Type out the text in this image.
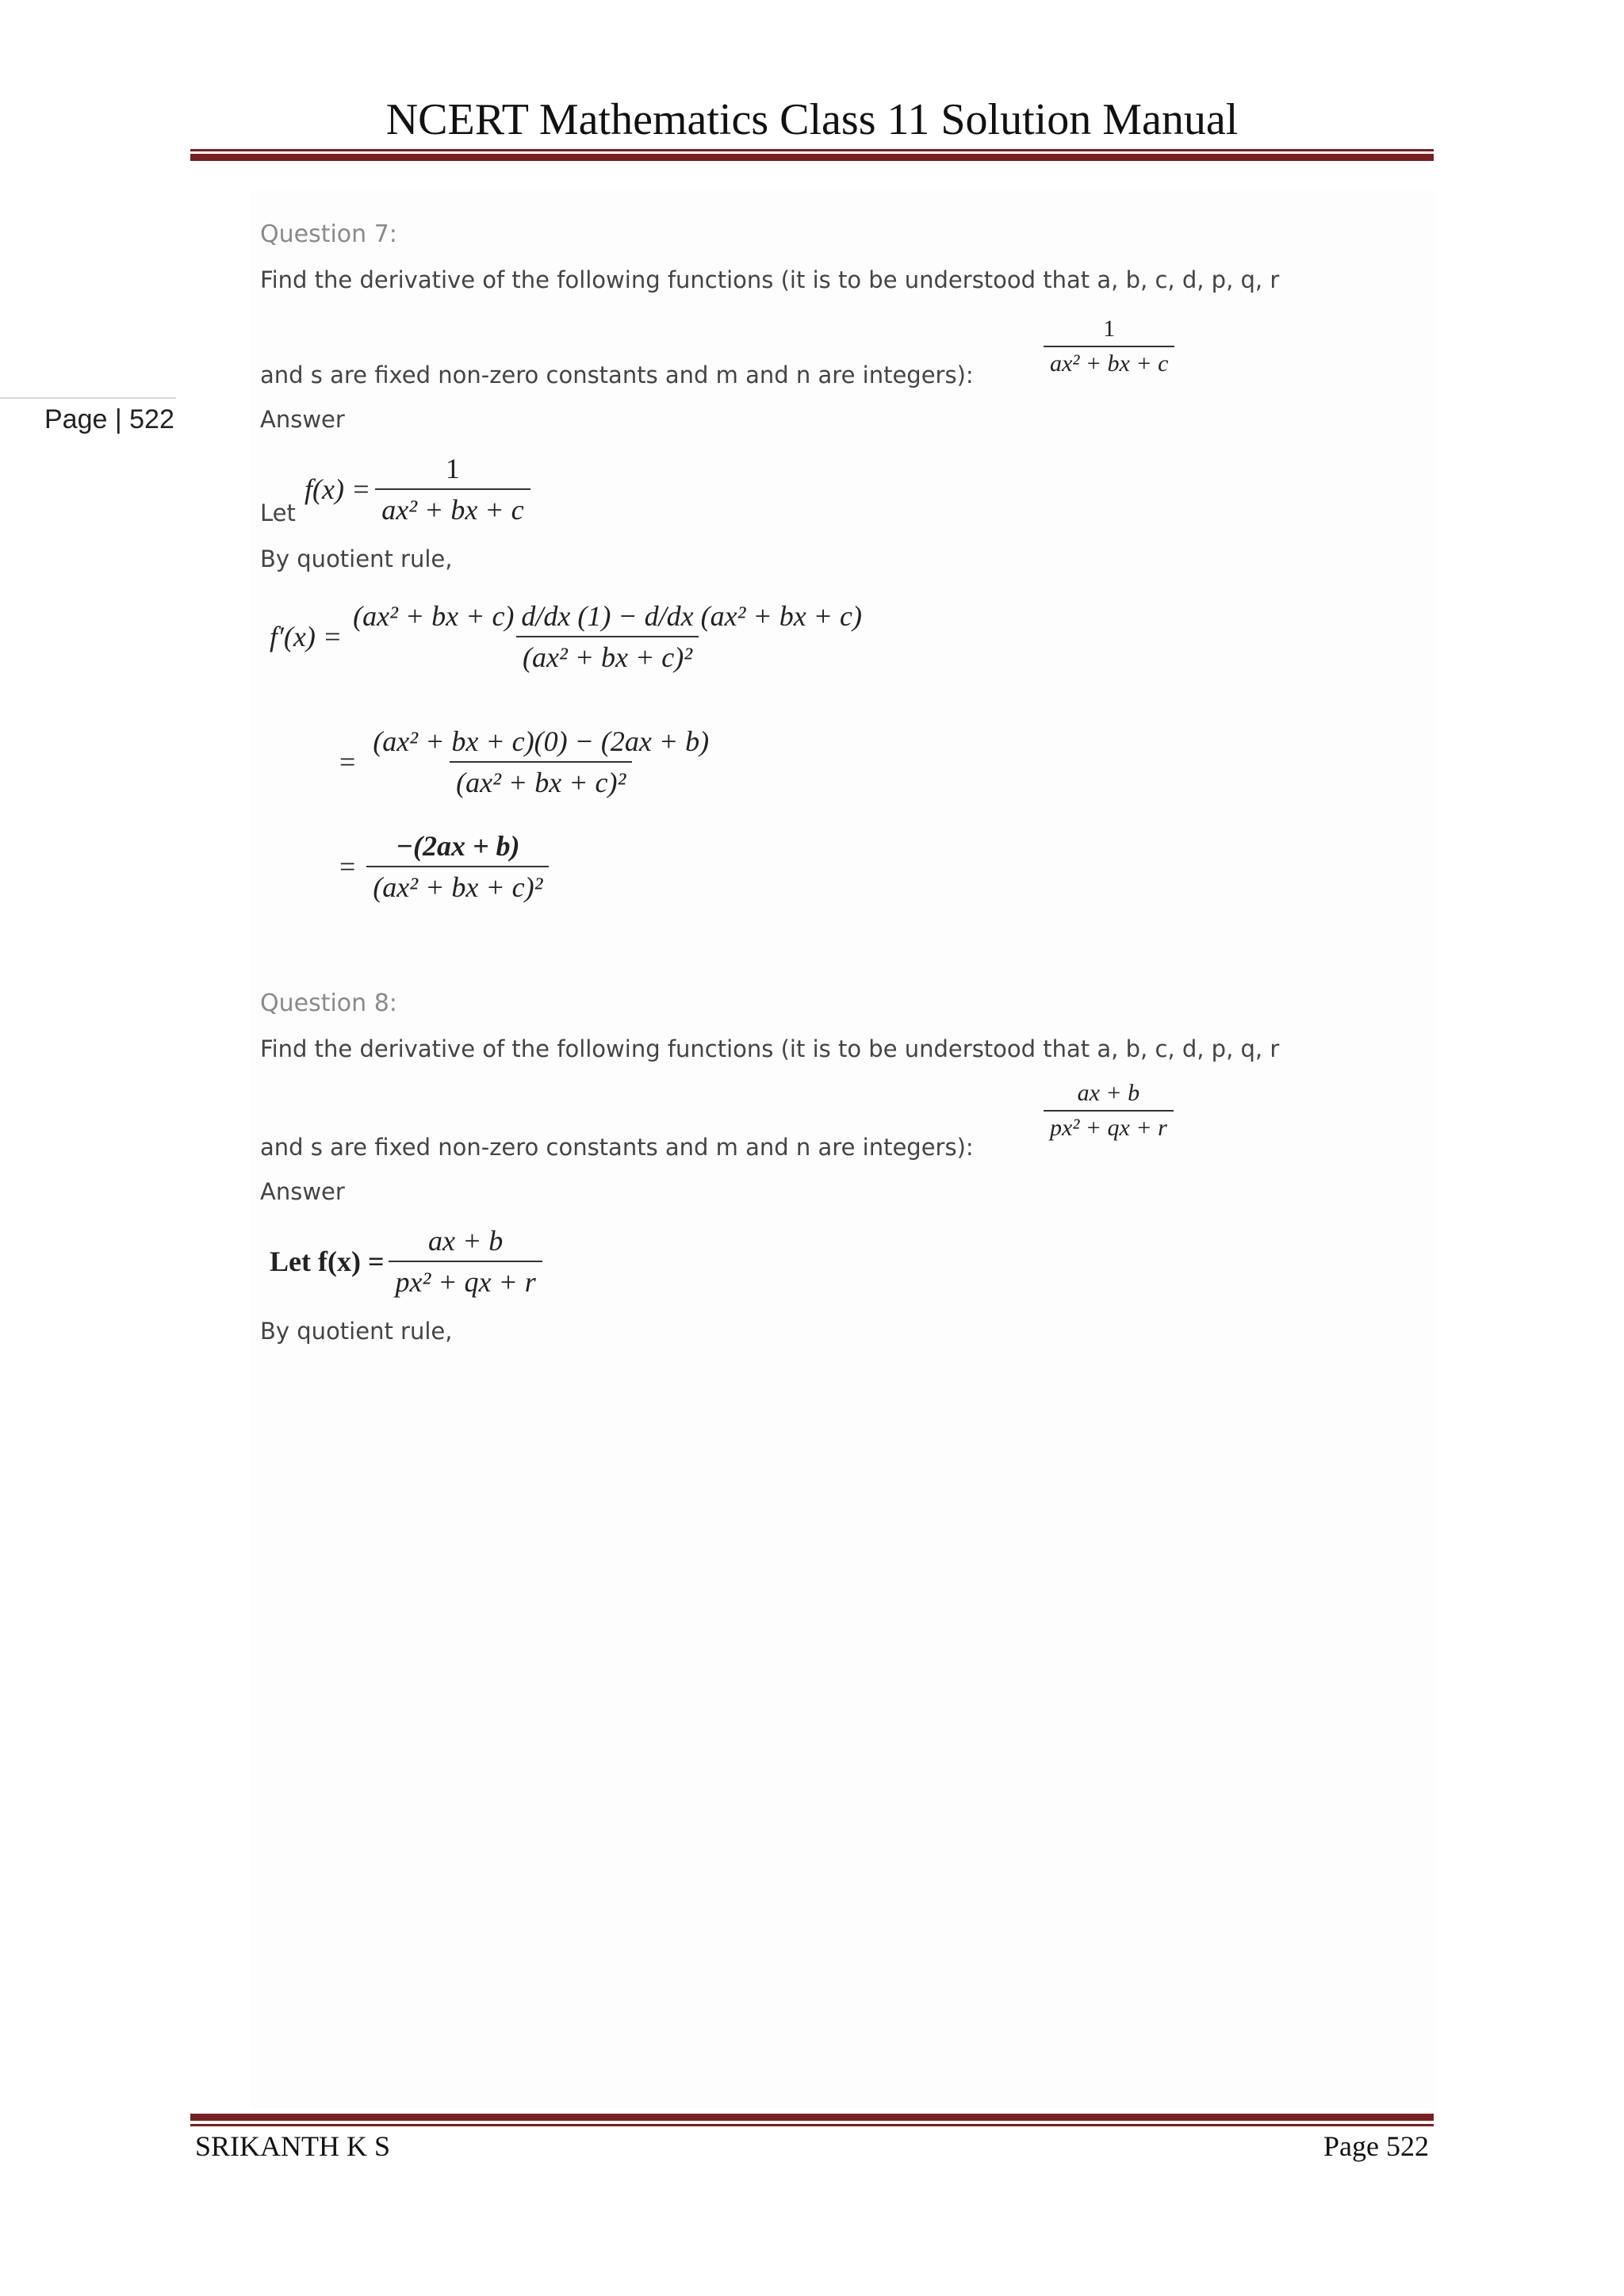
NCERT Mathematics Class 11 Solution Manual
Page | 522
Question 7:
Find the derivative of the following functions (it is to be understood that a, b, c, d, p, q, r
and s are fixed non-zero constants and m and n are integers):	$\frac{1}{\text{ax² + bx + c}}$
Answer
Let
$f(x) = \frac{1}{\text{ax² + bx + c}}$
By quotient rule,
$f'(x) = \frac{\text{(ax² + bx + c) d/dx (1) − d/dx (ax² + bx + c)}}{\text{(ax² + bx + c)²}}$
= $\frac{\text{(ax² + bx + c)(0) − (2ax + b)}}{\text{(ax² + bx + c)²}}$
= $\frac{-(2ax + b)}{\text{(ax² + bx + c)²}}$
Question 8:
Find the derivative of the following functions (it is to be understood that a, b, c, d, p, q, r
and s are fixed non-zero constants and m and n are integers):
$\frac{ax + b}{\text{px² + qx + r}}$
Answer
Let $f(x) = \frac{ax + b}{\text{px² + qx + r}}$
By quotient rule,
SRIKANTH K S	Page 522
